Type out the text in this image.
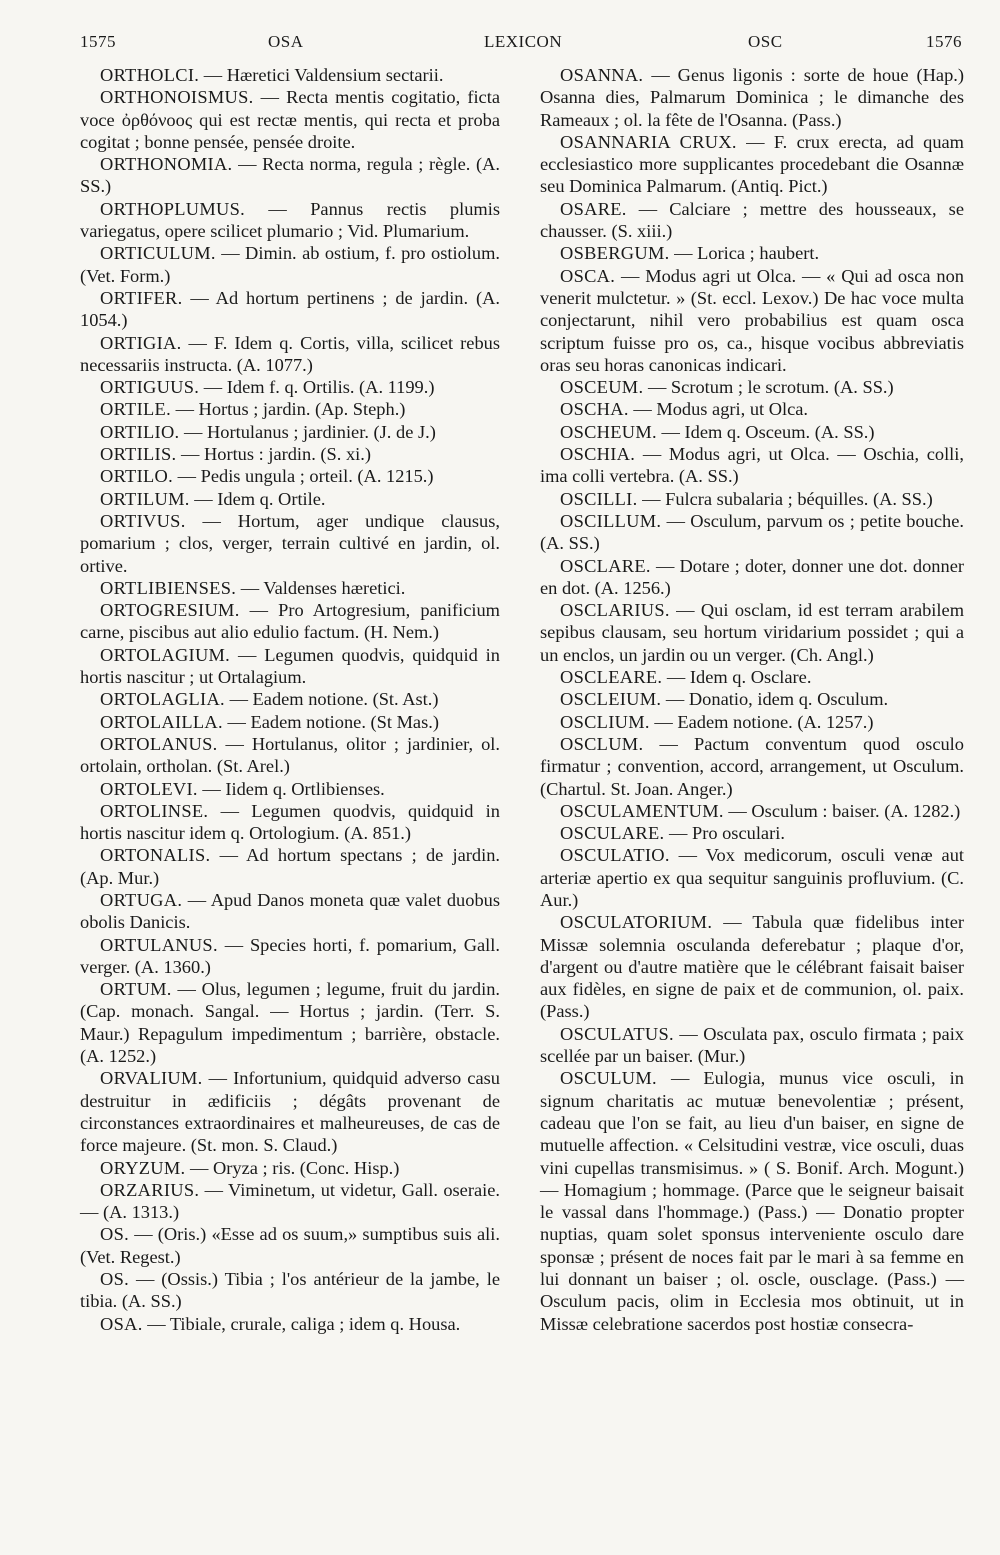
1575	OSA	LEXICON	OSC	1576

ORTHOLCI. — Hæretici Valdensium sectarii.

ORTHONOISMUS. — Recta mentis cogitatio, ficta voce ὀρθόνοος qui est rectæ mentis, qui recta et proba cogitat ; bonne pensée, pensée droite.

ORTHONOMIA. — Recta norma, regula ; règle. (A. SS.)

ORTHOPLUMUS. — Pannus rectis plumis variegatus, opere scilicet plumario ; Vid. Plumarium.

ORTICULUM. — Dimin. ab ostium, f. pro ostiolum. (Vet. Form.)

ORTIFER. — Ad hortum pertinens ; de jardin. (A. 1054.)

ORTIGIA. — F. Idem q. Cortis, villa, scilicet rebus necessariis instructa. (A. 1077.)

ORTIGUUS. — Idem f. q. Ortilis. (A. 1199.)

ORTILE. — Hortus ; jardin. (Ap. Steph.)

ORTILIO. — Hortulanus ; jardinier. (J. de J.)

ORTILIS. — Hortus : jardin. (S. xi.)

ORTILO. — Pedis ungula ; orteil. (A. 1215.)

ORTILUM. — Idem q. Ortile.

ORTIVUS. — Hortum, ager undique clausus, pomarium ; clos, verger, terrain cultivé en jardin, ol. ortive.

ORTLIBIENSES. — Valdenses hæretici.

ORTOGRESIUM. — Pro Artogresium, panificium carne, piscibus aut alio edulio factum. (H. Nem.)

ORTOLAGIUM. — Legumen quodvis, quidquid in hortis nascitur ; ut Ortalagium.

ORTOLAGLIA. — Eadem notione. (St. Ast.)

ORTOLAILLA. — Eadem notione. (St Mas.)

ORTOLANUS. — Hortulanus, olitor ; jardinier, ol. ortolain, ortholan. (St. Arel.)

ORTOLEVI. — Iidem q. Ortlibienses.

ORTOLINSE. — Legumen quodvis, quidquid in hortis nascitur idem q. Ortologium. (A. 851.)

ORTONALIS. — Ad hortum spectans ; de jardin. (Ap. Mur.)

ORTUGA. — Apud Danos moneta quæ valet duobus obolis Danicis.

ORTULANUS. — Species horti, f. pomarium, Gall. verger. (A. 1360.)

ORTUM. — Olus, legumen ; legume, fruit du jardin. (Cap. monach. Sangal. — Hortus ; jardin. (Terr. S. Maur.) Repagulum impedimentum ; barrière, obstacle. (A. 1252.)

ORVALIUM. — Infortunium, quidquid adverso casu destruitur in ædificiis ; dégâts provenant de circonstances extraordinaires et malheureuses, de cas de force majeure. (St. mon. S. Claud.)

ORYZUM. — Oryza ; ris. (Conc. Hisp.)

ORZARIUS. — Viminetum, ut videtur, Gall. oseraie. — (A. 1313.)

OS. — (Oris.) «Esse ad os suum,» sumptibus suis ali. (Vet. Regest.)

OS. — (Ossis.) Tibia ; l'os antérieur de la jambe, le tibia. (A. SS.)

OSA. — Tibiale, crurale, caliga ; idem q. Housa.

OSANNA. — Genus ligonis : sorte de houe (Hap.) Osanna dies, Palmarum Dominica ; le dimanche des Rameaux ; ol. la fête de l'Osanna. (Pass.)

OSANNARIA CRUX. — F. crux erecta, ad quam ecclesiastico more supplicantes procedebant die Osannæ seu Dominica Palmarum. (Antiq. Pict.)

OSARE. — Calciare ; mettre des housseaux, se chausser. (S. xiii.)

OSBERGUM. — Lorica ; haubert.

OSCA. — Modus agri ut Olca. — « Qui ad osca non venerit mulctetur. » (St. eccl. Lexov.) De hac voce multa conjectarunt, nihil vero probabilius est quam osca scriptum fuisse pro os, ca., hisque vocibus abbreviatis oras seu horas canonicas indicari.

OSCEUM. — Scrotum ; le scrotum. (A. SS.)

OSCHA. — Modus agri, ut Olca.

OSCHEUM. — Idem q. Osceum. (A. SS.)

OSCHIA. — Modus agri, ut Olca. — Oschia, colli, ima colli vertebra. (A. SS.)

OSCILLI. — Fulcra subalaria ; béquilles. (A. SS.)

OSCILLUM. — Osculum, parvum os ; petite bouche. (A. SS.)

OSCLARE. — Dotare ; doter, donner une dot. donner en dot. (A. 1256.)

OSCLARIUS. — Qui osclam, id est terram arabilem sepibus clausam, seu hortum viridarium possidet ; qui a un enclos, un jardin ou un verger. (Ch. Angl.)

OSCLEARE. — Idem q. Osclare.

OSCLEIUM. — Donatio, idem q. Osculum.

OSCLIUM. — Eadem notione. (A. 1257.)

OSCLUM. — Pactum conventum quod osculo firmatur ; convention, accord, arrangement, ut Osculum. (Chartul. St. Joan. Anger.)

OSCULAMENTUM. — Osculum : baiser. (A. 1282.)

OSCULARE. — Pro osculari.

OSCULATIO. — Vox medicorum, osculi venæ aut arteriæ apertio ex qua sequitur sanguinis profluvium. (C. Aur.)

OSCULATORIUM. — Tabula quæ fidelibus inter Missæ solemnia osculanda deferebatur ; plaque d'or, d'argent ou d'autre matière que le célébrant faisait baiser aux fidèles, en signe de paix et de communion, ol. paix. (Pass.)

OSCULATUS. — Osculata pax, osculo firmata ; paix scellée par un baiser. (Mur.)

OSCULUM. — Eulogia, munus vice osculi, in signum charitatis ac mutuæ benevolentiæ ; présent, cadeau que l'on se fait, au lieu d'un baiser, en signe de mutuelle affection. « Celsitudini vestræ, vice osculi, duas vini cupellas transmisimus. » ( S. Bonif. Arch. Mogunt.) — Homagium ; hommage. (Parce que le seigneur baisait le vassal dans l'hommage.) (Pass.) — Donatio propter nuptias, quam solet sponsus interveniente osculo dare sponsæ ; présent de noces fait par le mari à sa femme en lui donnant un baiser ; ol. oscle, ousclage. (Pass.) — Osculum pacis, olim in Ecclesia mos obtinuit, ut in Missæ celebratione sacerdos post hostiæ consecra-
